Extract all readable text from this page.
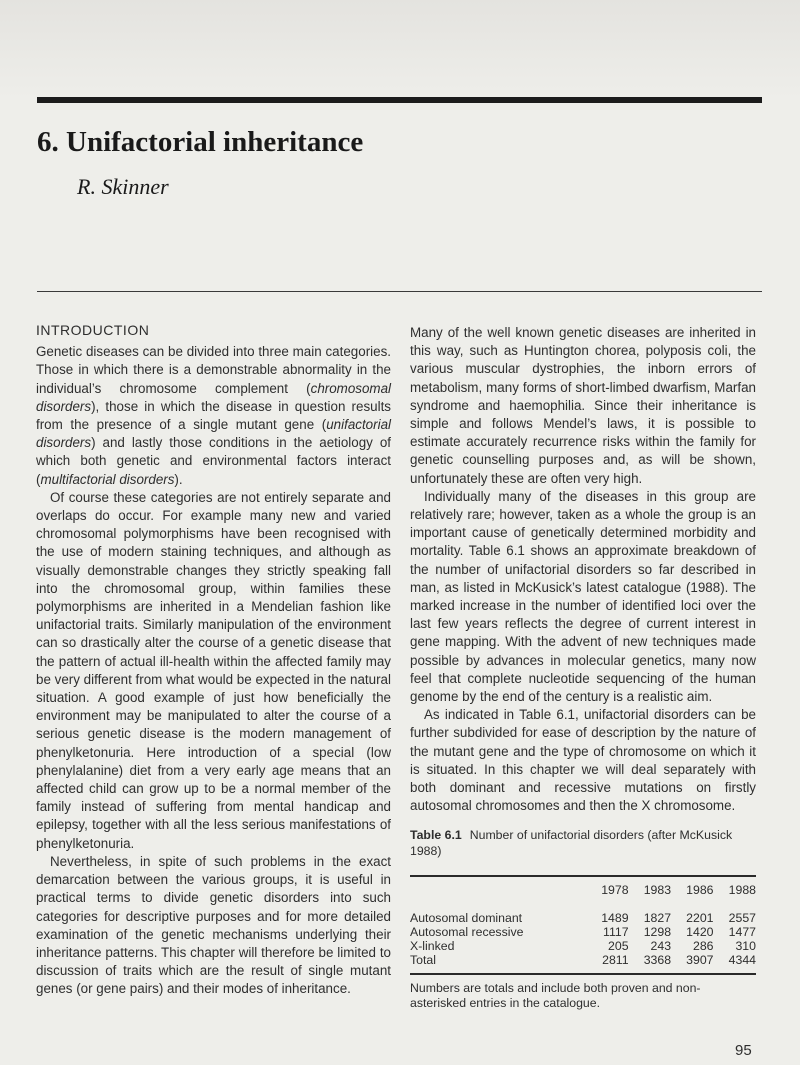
6. Unifactorial inheritance

R. Skinner

INTRODUCTION

Genetic diseases can be divided into three main categories. Those in which there is a demonstrable abnormality in the individual’s chromosome complement (chromosomal disorders), those in which the disease in question results from the presence of a single mutant gene (unifactorial disorders) and lastly those conditions in the aetiology of which both genetic and environmental factors interact (multifactorial disorders).

Of course these categories are not entirely separate and overlaps do occur. For example many new and varied chromosomal polymorphisms have been recognised with the use of modern staining techniques, and although as visually demonstrable changes they strictly speaking fall into the chromosomal group, within families these polymorphisms are inherited in a Mendelian fashion like unifactorial traits. Similarly manipulation of the environment can so drastically alter the course of a genetic disease that the pattern of actual ill-health within the affected family may be very different from what would be expected in the natural situation. A good example of just how beneficially the environment may be manipulated to alter the course of a serious genetic disease is the modern management of phenylketonuria. Here introduction of a special (low phenylalanine) diet from a very early age means that an affected child can grow up to be a normal member of the family instead of suffering from mental handicap and epilepsy, together with all the less serious manifestations of phenylketonuria.

Nevertheless, in spite of such problems in the exact demarcation between the various groups, it is useful in practical terms to divide genetic disorders into such categories for descriptive purposes and for more detailed examination of the genetic mechanisms underlying their inheritance patterns. This chapter will therefore be limited to discussion of traits which are the result of single mutant genes (or gene pairs) and their modes of inheritance.

Many of the well known genetic diseases are inherited in this way, such as Huntington chorea, polyposis coli, the various muscular dystrophies, the inborn errors of metabolism, many forms of short-limbed dwarfism, Marfan syndrome and haemophilia. Since their inheritance is simple and follows Mendel’s laws, it is possible to estimate accurately recurrence risks within the family for genetic counselling purposes and, as will be shown, unfortunately these are often very high.

Individually many of the diseases in this group are relatively rare; however, taken as a whole the group is an important cause of genetically determined morbidity and mortality. Table 6.1 shows an approximate breakdown of the number of unifactorial disorders so far described in man, as listed in McKusick’s latest catalogue (1988). The marked increase in the number of identified loci over the last few years reflects the degree of current interest in gene mapping. With the advent of new techniques made possible by advances in molecular genetics, many now feel that complete nucleotide sequencing of the human genome by the end of the century is a realistic aim.

As indicated in Table 6.1, unifactorial disorders can be further subdivided for ease of description by the nature of the mutant gene and the type of chromosome on which it is situated. In this chapter we will deal separately with both dominant and recessive mutations on firstly autosomal chromosomes and then the X chromosome.

Table 6.1 Number of unifactorial disorders (after McKusick 1988)

	1978	1983	1986	1988
Autosomal dominant	1489	1827	2201	2557
Autosomal recessive	1117	1298	1420	1477
X-linked	205	243	286	310
Total	2811	3368	3907	4344

Numbers are totals and include both proven and non-asterisked entries in the catalogue.

95
